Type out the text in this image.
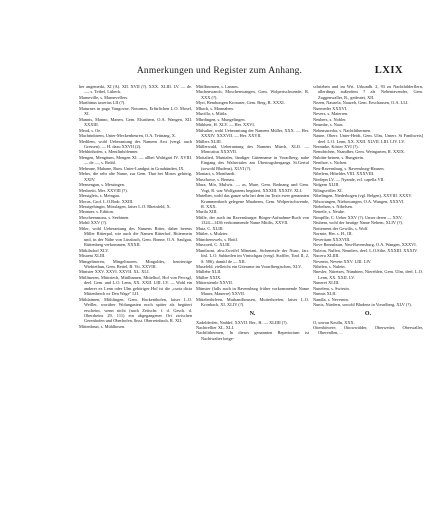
Anmerkungen und Register zum Anhang.	LXIX

her angemerkt, XI (A). XII. XVII (?). XXX. XLIII. LV. — de. —, s. Teibel, Lübeck.

Marneville, s. Marnevellers.

Marthinus taxerius LII (?).

Maturnes in pago Vangovae, Noturnes, Erfürlichen L.O. Mosel, XI.

Mannis, Manno, Manen, Gem. Elsashern, O.A. Wangen, XII. XXXIII.

Meod, s. Oe.

Machtinbirem, Unter-Meckenbeuren, O.A. Tettnang, X.

Medilem, wohl Ueberantung des Namens Arct (vergl. auch Gressen). — H. dazu XXVII (2).

Mehhinhofen, s. Mentlinhöfenner.

Mengen, Mengüum, Mengen XI. — allbei Walrigari IV. XVIII. — de —, s. Brühl.

Meheane, Mahane, Rum. Unter-Landgut in Graubünden, IX.

Mehrs, die sehr alte Name, zur Gem. Thai bei Moses gehörig, XXIV.

Mensengan, s. Messingen.

Mesbreitt, Mer. XXVIII (?).

Messigleis, s. Meingau.

Mocas, Grof. L.O.Bodr. XXIII.

Messigehingin, Mösslagen, laiser L.O. Rheinfeld, X.

Meanaer, s. Edition.

Moscheenmons, s. Seebinen.

Mobil XXV (?).

Miler, wohl Ueberantung des Namens Ritter, daher bereus Miller Ritterpal, wie auch die Namen Ritterhof, Rittermein und, in der Nähe von Lüssbach, Gem. Bonne, O.A. Saulgau, Rüttenberg verkommen, XXXII.

Mitkilsdorf XLV.

Misaeni XLIII.

Mimgelinoren, Mingelinoren, Mingoldes, henriertige Wiebiethun, Gem. Reitel, B. Vit. XXVIII.

Minister XXV. XXVI. XXVII. XL. XLI.

Mitllineren, Mitttriech, Mittlhamen, Mittelhof, Hof von Percsgl, deel. Gem. und L.O. Lenn, XX. XXII. LIII. LV. — Wohl ein anderer ex Lenn oder Ulm gehöriger Hof ist die „curia dicta Mittenberch ex Den Wage" LII.

Mithlaimen, Mithlingen, Gem. Hackenthofen, laiser L.O. Weiller, worüber Wolangasten noch später als begütert erscheint, wenn nicht (nach Zeitschr. f. d. Gesch. d. Oberrheins 29, 111) ein abgegangener Ort zwischen Gerenhofen und Oberhofen, lbsst. Oberreinbach, R. XII.

Mittenbrun, s. Mühlhosen.

Mittlbrunnen, s. Lannos.

Muchenwanch, Moschenwangen, Gem. Wolpertschwende, R. XXX (?).

Myrt, Bembongen Krossner, Gem. Berg, R. XXXI.

Mbach, s. Monnaben.

Muvilla, s. Mittla.

Mbrdingen, s. Mungelingen.

Mühlsetr, H. XLV. — Her. XXVI.

Mülsalter, wohl Ueberantung der Namens Müller, XXX. — Her. XXXIV. XXXVII. — Her. XXVII.

Müllers XLIII.

Müllerwald, Ueberantung des Namens Mürch, XLII. — Moncatius XXXVII.

Mottalied, Muntales, ländiger Gütenname in Vorarlberg, nahe Eingang des Walsertales am Übertragsbergangs St.Gertul (sowohl Bludenz), XLVI (?).

Montari, s. Monthardt.

Muschowe, s. Bernau.

Mura, Mör, Mulwis. — as, Mure, Gem. Bodnang und Gem. Vogt, R. war Wolfgartens begütert, XXXIII. XXXIV. XLI.

Mutelber, wohl das ganze sehr hei dem im Texts ewer genannten Krummenbach gelegene Mauberm, Gem. Wolpertschwende, R. XXX.

Murila XIII.

Mitlle, der auch im Ravensburger Bürger-Aufnahme-Buch von 1324—1436 verkommende Name Mitilis, XXVII.

Mutz, C. XLIII.

Mütler, s. Mulzter.

Münchenswels, s. Boitl.

Muscoetl, C. XLIII.

Muntlaont, abw.Zweifel Mineiani, Sichenetzle der Nunc, farr. lösl. L.O. Subketlen im Vintschgau (vergl. Staffler, Tirol II, 2, S. 586), damitl de — XII.

Musefeld, vielleicht ein Giterame im Vorarlbergischen, XLV.

Müllehe XLII.

Müllee XXIX.

Mittersternle XXVII.

Münster (falls auch in Ravensburg früher vorkommende Name Mauer, Mauerre) XXVII.

Mittelerthrleen, Muthandhousen, Mutterhoefen, laiser L.O. Kronbach, XI. XLIV (?).

N.

Xadelderfen, Naddef, XXVII. Ber., H. — XLIIII (?).

Nachtrellier XL. XLI.

Nachtlithermen, In dieses genannten Repertorium ist Nachtwalter beige-

schrieben und im Wrt. Urkundb. 2, 93 zu Nachthilderflern, allerdings außerdem ? als Nehentavender, Gem. Zuggenwaller, R., gedeutet, XII.

Nezen, Nauzela, Nauzeh, Gem. Eeschausen, O.A. LLI.

Nuemeder XXXVI.

Nevers, s. Materren.

Neubers, s. Nobler.

Neumhe, s. Naas.

Nebensuredor, s. Nachtlithermen.

Naune, Oberr. Unter-Heidt, Gem. Ulm, Unterr. St Fanthweis] deel. L.O. Lenn, XX. XXII. XLVII. LIII. LIV. LV.

Nermnke, Köster XVI (?).

Nemdrichen, Nsandber, Gem. Weingarten, R. XXIX.

Nubitin-heinen, s. Bungstein.

Nenthoe, s. Nichen.

Neu-Ravensburg, s. Ravensburg-Hausen.

Nibelem, Hibeldes VIII. XXXVIII.

Niedepn LV. — Nyande, ecl. capella VII.

Nidgern XLIII.

Nilingsvöller XI.

Nibelingen, Niederbogen (vgl. Belgen), XXVIII. XXXV.

Nibowangen, Niebowangen, O.A. Wangen, XXXVI.

Niebelsen, s. Nibelsen.

Nenetle, s. Neuhe.

Nimpflle, C. Ueber XXV (?). Unser deren — XXV.

Niuhem, wohl der heutige Name Nehem, XLIV (?).

Nottenrent der Gewilis, s. Wolf.

Normte, Her. s. H., III.

Nevertiam XXXVIII.

Nove Rennsburn, Neu-Ravensburg, O.A. Wangen, XXXVI.

Nuleon, Nullen, Neunlers, deel. L.O.Silte, XXXIII. XXXIV.

Nuceru XLIIII.

Nevenin, Nevein XXV. LIII. LIV.

Nihelen, s. Nuletn.

Nnesler, Nüretses, Nümbten, Nierehlen, Gem. Ulm, deel. L.O. Lenn, XX. XXII. LV.

Nuneret XLIII.

Nunelem, s. Swiesin.

Nunnis XLII.

Nandla, s. Nevernin.

Nunis, Nürdern, sowohl Bludenz in Vorarlberg, XLV (?).

O.

O, unvon Keulln, XXX.

Ottenhöwere, Ottowwälder, Oberweiter, Oberwaller, Oberenllen, ...
